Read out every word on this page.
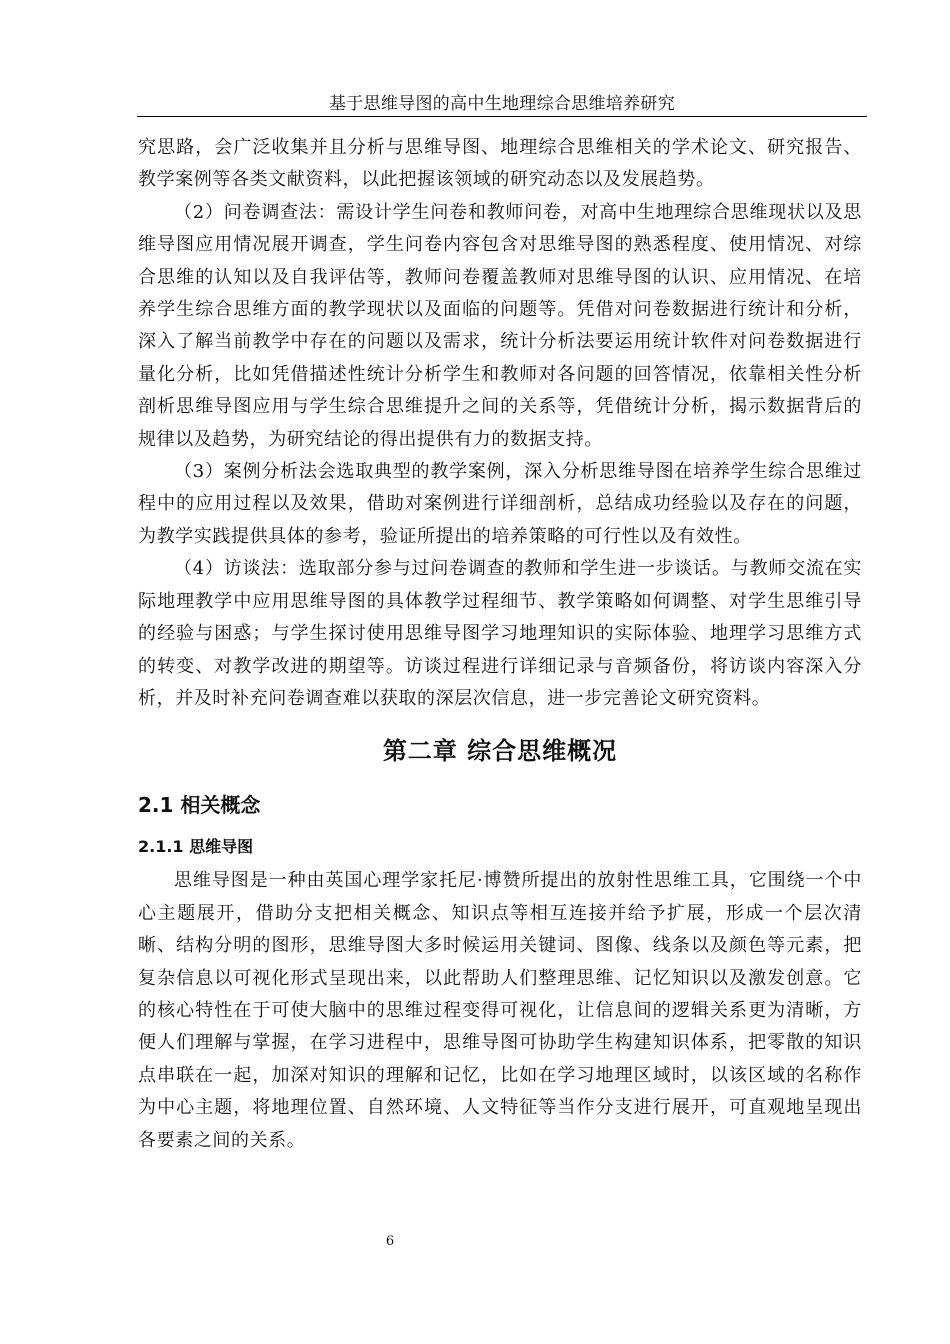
基于思维导图的高中生地理综合思维培养研究

究思路，会广泛收集并且分析与思维导图、地理综合思维相关的学术论文、研究报告、教学案例等各类文献资料，以此把握该领域的研究动态以及发展趋势。

（2）问卷调查法：需设计学生问卷和教师问卷，对高中生地理综合思维现状以及思维导图应用情况展开调查，学生问卷内容包含对思维导图的熟悉程度、使用情况、对综合思维的认知以及自我评估等，教师问卷覆盖教师对思维导图的认识、应用情况、在培养学生综合思维方面的教学现状以及面临的问题等。凭借对问卷数据进行统计和分析，深入了解当前教学中存在的问题以及需求，统计分析法要运用统计软件对问卷数据进行量化分析，比如凭借描述性统计分析学生和教师对各问题的回答情况，依靠相关性分析剖析思维导图应用与学生综合思维提升之间的关系等，凭借统计分析，揭示数据背后的规律以及趋势，为研究结论的得出提供有力的数据支持。

（3）案例分析法会选取典型的教学案例，深入分析思维导图在培养学生综合思维过程中的应用过程以及效果，借助对案例进行详细剖析，总结成功经验以及存在的问题，为教学实践提供具体的参考，验证所提出的培养策略的可行性以及有效性。

（4）访谈法：选取部分参与过问卷调查的教师和学生进一步谈话。与教师交流在实际地理教学中应用思维导图的具体教学过程细节、教学策略如何调整、对学生思维引导的经验与困惑；与学生探讨使用思维导图学习地理知识的实际体验、地理学习思维方式的转变、对教学改进的期望等。访谈过程进行详细记录与音频备份，将访谈内容深入分析，并及时补充问卷调查难以获取的深层次信息，进一步完善论文研究资料。

第二章 综合思维概况
2.1 相关概念
2.1.1 思维导图

思维导图是一种由英国心理学家托尼·博赞所提出的放射性思维工具，它围绕一个中心主题展开，借助分支把相关概念、知识点等相互连接并给予扩展，形成一个层次清晰、结构分明的图形，思维导图大多时候运用关键词、图像、线条以及颜色等元素，把复杂信息以可视化形式呈现出来，以此帮助人们整理思维、记忆知识以及激发创意。它的核心特性在于可使大脑中的思维过程变得可视化，让信息间的逻辑关系更为清晰，方便人们理解与掌握，在学习进程中，思维导图可协助学生构建知识体系，把零散的知识点串联在一起，加深对知识的理解和记忆，比如在学习地理区域时，以该区域的名称作为中心主题，将地理位置、自然环境、人文特征等当作分支进行展开，可直观地呈现出各要素之间的关系。

6
